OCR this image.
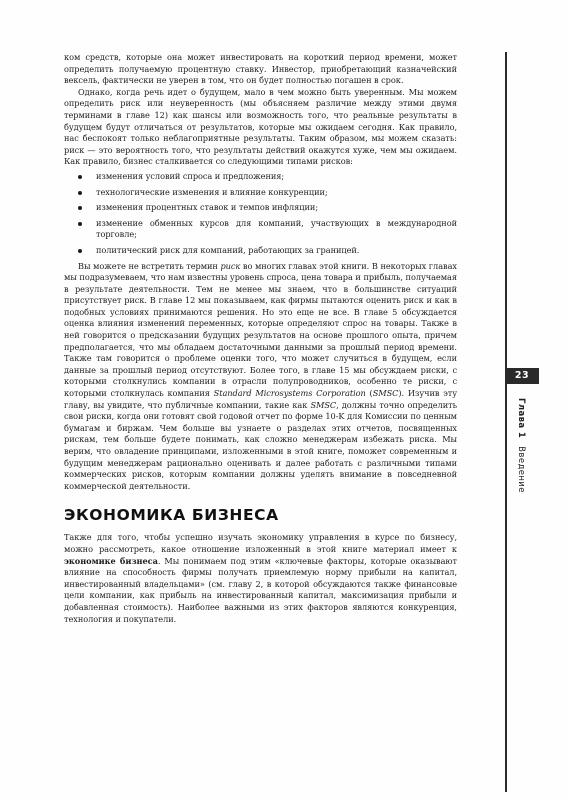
ком средств, которые она может инвестировать на короткий период времени, может определить получаемую процентную ставку. Инвестор, приобретающий казначейский вексель, фактически не уверен в том, что он будет полностью погашен в срок.

Однако, когда речь идет о будущем, мало в чем можно быть уверенным. Мы можем определить риск или неуверенность (мы объясняем различие между этими двумя терминами в главе 12) как шансы или возможность того, что реальные результаты в будущем будут отличаться от результатов, которые мы ожидаем сегодня. Как правило, нас беспокоят только неблагоприятные результаты. Таким образом, мы можем сказать: риск — это вероятность того, что результаты действий окажутся хуже, чем мы ожидаем. Как правило, бизнес сталкивается со следующими типами рисков:

изменения условий спроса и предложения;
технологические изменения и влияние конкуренции;
изменения процентных ставок и темпов инфляции;
изменение обменных курсов для компаний, участвующих в международной торговле;
политический риск для компаний, работающих за границей.

Вы можете не встретить термин риск во многих главах этой книги. В некоторых главах мы подразумеваем, что нам известны уровень спроса, цена товара и прибыль, получаемая в результате деятельности. Тем не менее мы знаем, что в большинстве ситуаций присутствует риск. В главе 12 мы показываем, как фирмы пытаются оценить риск и как в подобных условиях принимаются решения. Но это еще не все. В главе 5 обсуждается оценка влияния изменений переменных, которые определяют спрос на товары. Также в ней говорится о предсказании будущих результатов на основе прошлого опыта, причем предполагается, что мы обладаем достаточными данными за прошлый период времени. Также там говорится о проблеме оценки того, что может случиться в будущем, если данные за прошлый период отсутствуют. Более того, в главе 15 мы обсуждаем риски, с которыми столкнулись компании в отрасли полупроводников, особенно те риски, с которыми столкнулась компания Standard Microsystems Corporation (SMSC). Изучив эту главу, вы увидите, что публичные компании, такие как SMSC, должны точно определить свои риски, когда они готовят свой годовой отчет по форме 10-K для Комиссии по ценным бумагам и биржам. Чем больше вы узнаете о разделах этих отчетов, посвященных рискам, тем больше будете понимать, как сложно менеджерам избежать риска. Мы верим, что овладение принципами, изложенными в этой книге, поможет современным и будущим менеджерам рационально оценивать и далее работать с различными типами коммерческих рисков, которым компании должны уделять внимание в повседневной коммерческой деятельности.

ЭКОНОМИКА БИЗНЕСА

Также для того, чтобы успешно изучать экономику управления в курсе по бизнесу, можно рассмотреть, какое отношение изложенный в этой книге материал имеет к экономике бизнеса. Мы понимаем под этим «ключевые факторы, которые оказывают влияние на способность фирмы получать приемлемую норму прибыли на капитал, инвестированный владельцами» (см. главу 2, в которой обсуждаются также финансовые цели компании, как прибыль на инвестированный капитал, максимизация прибыли и добавленная стоимость). Наиболее важными из этих факторов являются конкуренция, технология и покупатели.

23
Глава 1Введение
